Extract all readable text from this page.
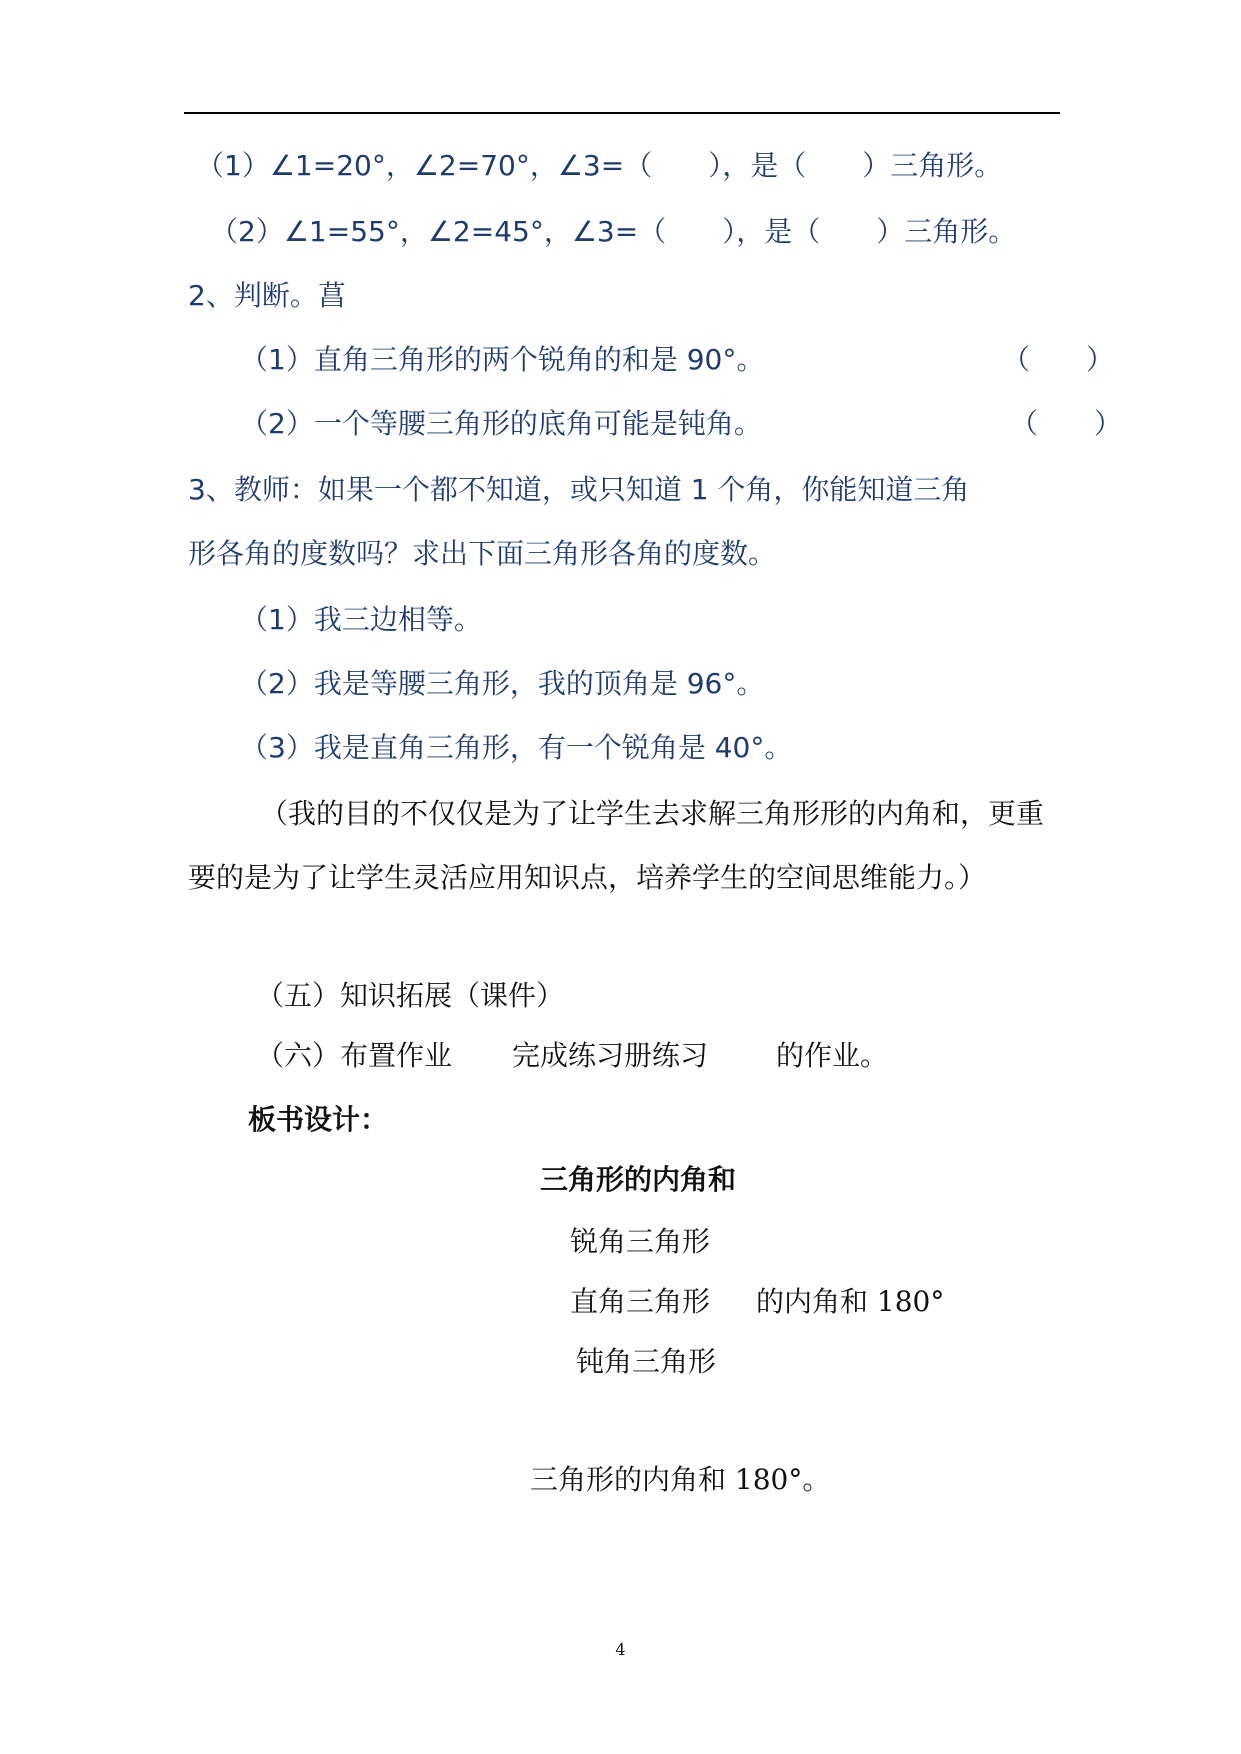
（1）∠1=20°，∠2=70°，∠3=（　　），是（　　）三角形。
（2）∠1=55°，∠2=45°，∠3=（　　），是（　　）三角形。
2、判断。菖
（1）直角三角形的两个锐角的和是 90°。	（　　）
（2）一个等腰三角形的底角可能是钝角。	（　　）
3、教师：如果一个都不知道，或只知道 1 个角，你能知道三角
形各角的度数吗？求出下面三角形各角的度数。
（1）我三边相等。
（2）我是等腰三角形，我的顶角是 96°。
（3）我是直角三角形，有一个锐角是 40°。

（我的目的不仅仅是为了让学生去求解三角形形的内角和，更重要的是为了让学生灵活应用知识点，培养学生的空间思维能力。）

（五）知识拓展（课件）
（六）布置作业 完成练习册练习 的作业。
板书设计：
三角形的内角和
锐角三角形
直角三角形 的内角和 180°
钝角三角形
三角形的内角和 180°。
4
